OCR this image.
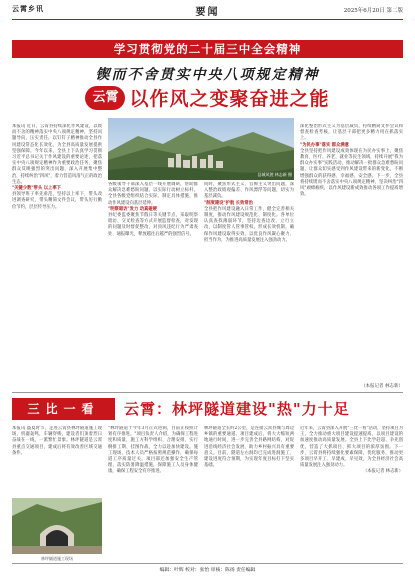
云霄乡讯	要闻	2025年6月20日 第二版
学习贯彻党的二十届三中全会精神
锲而不舍贯实中央八项规定精神
云霄 以作风之变聚奋进之能

本报讯 近日，云霄县持续深化作风建设，以锲而不舍的精神落实中央八项规定精神，坚持问题导向，压实责任，以钉钉子精神推动全县作风建设常态化长效化，为全县高质量发展提供坚强保障。今年以来，全县上下认真学习贯彻习近平总书记关于作风建设的重要论述，把落实中央八项规定精神作为重要政治任务，聚焦群众反映强烈的突出问题，深入开展集中整治，持续纠治"四风"，着力营造风清气正的政治生态。

"关键少数"带头 以上率下

县领导班子率先垂范，坚持以上率下，带头改进调查研究，带头精简文件会议，带头厉行勤俭节约，层层传导压力。

县城风貌 林志新 摄

各级领导干部深入基层一线开展调研，帮助群众解决急难愁盼问题，以实际行动树立标杆。全县各级党组织结合实际，制定具体措施，推动作风建设向基层延伸。

"明察暗访"发力 动真碰硬

县纪委监委聚焦节假日等关键节点，采取明察暗访、交叉检查等方式开展监督检查，对发现的问题及时督促整改，对顶风违纪行为严肃查处、通报曝光，释放越往后越严的强烈信号。

同时，聚焦形式主义、官僚主义突出问题，深入整治政绩观偏差、作风漂浮等问题，切实为基层减负。

"制度建设"护航 长效常治

全县把作风建设融入日常工作，健全完善相关制度，推动作风建设规范化、制度化。各单位认真查找薄弱环节，坚持边查边改、立行立改，以制度管人管事管权，形成长效机制，确保作风建设取得实效，以优良作风凝心聚力、担当作为，为推进高质量发展注入强劲动力。

深化整治形式主义为基层减负，持续精简文件会议和督查检查考核，让基层干部把更多精力用在抓落实上。

"为民办事"落实 群众满意

全县坚持把作风建设成效体现在为民办实事上，聚焦教育、医疗、养老、就业等民生领域，持续开展"我为群众办实事"实践活动，推动解决一批群众急难愁盼问题，让群众切实感受到作风建设带来的新变化，不断增强群众的获得感、幸福感、安全感。下一步，全县将持续锲而不舍落实中央八项规定精神，坚决纠治"四风"顽瘴痼疾，以作风建设新成效推动各项工作提质增效。

（本报记者 林志新）
三比一看	云霄：林坪隧道建设"热"力十足

本报讯 盛夏时节，走进云霄县林坪隧道施工现场，机器轰鸣，车辆穿梭，建设者们顶着烈日奋战在一线，一派繁忙景象。林坪隧道是云霄县重点交通项目，建成后将有效改善区域交通条件。

林坪隧道施工现场

"林坪隧道于今年3月正式进洞，目前正按照计划有序推进。"项目负责人介绍，为确保工程进度和质量，施工方科学组织、合理安排，实行倒排工期、挂图作战，全力以赴加快建设。施工现场，技术人员严格按照规范操作，确保每道工序质量过关。项目部还加强安全生产管理，落实防暑降温措施，保障施工人员身体健康，确保工程安全有序推进。

林坪隧道全长约2公里，是连接云霄县城与周边乡镇的重要通道。项目建成后，将大大缩短两地通行时间，进一步完善全县路网结构，对促进沿线经济社会发展、助力乡村振兴具有重要意义。目前，隧道左右洞均已完成进洞施工，建设进度符合预期，为实现年度目标打下坚实基础。

近年来，云霄县深入开展"三比一看"活动，坚持项目为王，全力推动重大项目建设提速提质，以项目建设的加速度推动高质量发展。全县上下比学赶超、争先创优，营造了大抓项目、抓大项目的浓厚氛围。下一步，云霄县将持续强化要素保障，优化服务，推动更多项目早开工、早建成、早见效，为全县经济社会高质量发展注入强劲动力。

（本报记者 林志新）

编辑：叶辉 校对：张怡 审核：陈扬 责任编辑
